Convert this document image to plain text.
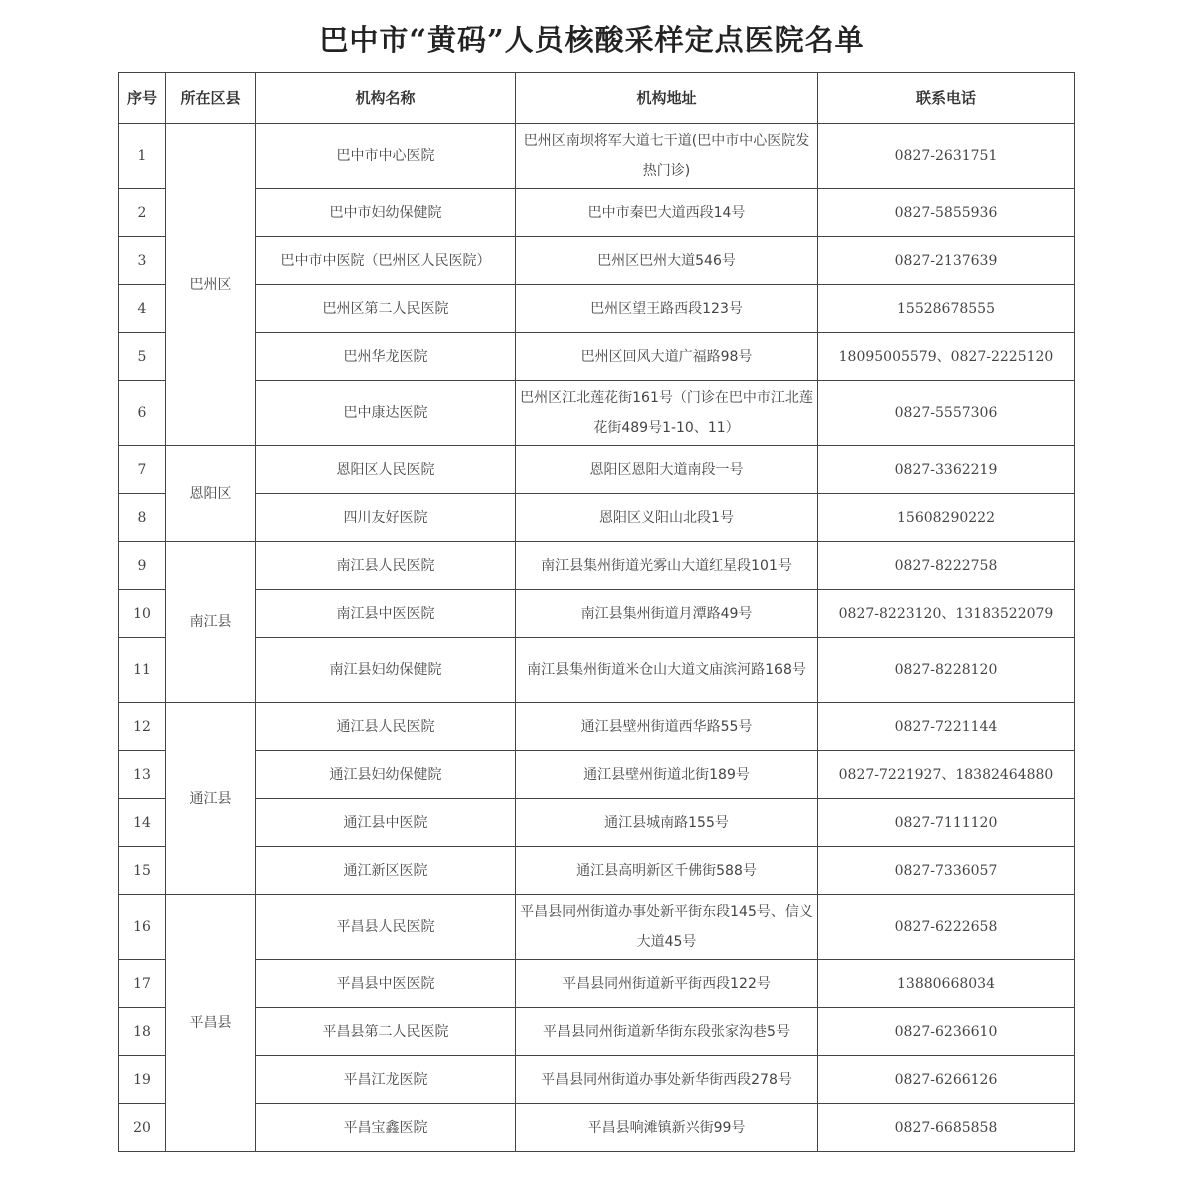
巴中市“黄码”人员核酸采样定点医院名单
序号	所在区县	机构名称	机构地址	联系电话
1	巴州区	巴中市中心医院	巴州区南坝将军大道七干道(巴中市中心医院发热门诊)	0827-2631751
2		巴中市妇幼保健院	巴中市秦巴大道西段14号	0827-5855936
3		巴中市中医院（巴州区人民医院）	巴州区巴州大道546号	0827-2137639
4		巴州区第二人民医院	巴州区望王路西段123号	15528678555
5		巴州华龙医院	巴州区回风大道广福路98号	18095005579、0827-2225120
6		巴中康达医院	巴州区江北莲花街161号（门诊在巴中市江北莲花街489号1-10、11）	0827-5557306
7	恩阳区	恩阳区人民医院	恩阳区恩阳大道南段一号	0827-3362219
8		四川友好医院	恩阳区义阳山北段1号	15608290222
9	南江县	南江县人民医院	南江县集州街道光雾山大道红星段101号	0827-8222758
10		南江县中医医院	南江县集州街道月潭路49号	0827-8223120、13183522079
11		南江县妇幼保健院	南江县集州街道米仓山大道文庙滨河路168号	0827-8228120
12	通江县	通江县人民医院	通江县壁州街道西华路55号	0827-7221144
13		通江县妇幼保健院	通江县壁州街道北街189号	0827-7221927、18382464880
14		通江县中医院	通江县城南路155号	0827-7111120
15		通江新区医院	通江县高明新区千佛街588号	0827-7336057
16	平昌县	平昌县人民医院	平昌县同州街道办事处新平街东段145号、信义大道45号	0827-6222658
17		平昌县中医医院	平昌县同州街道新平街西段122号	13880668034
18		平昌县第二人民医院	平昌县同州街道新华街东段张家沟巷5号	0827-6236610
19		平昌江龙医院	平昌县同州街道办事处新华街西段278号	0827-6266126
20		平昌宝鑫医院	平昌县响滩镇新兴街99号	0827-6685858
